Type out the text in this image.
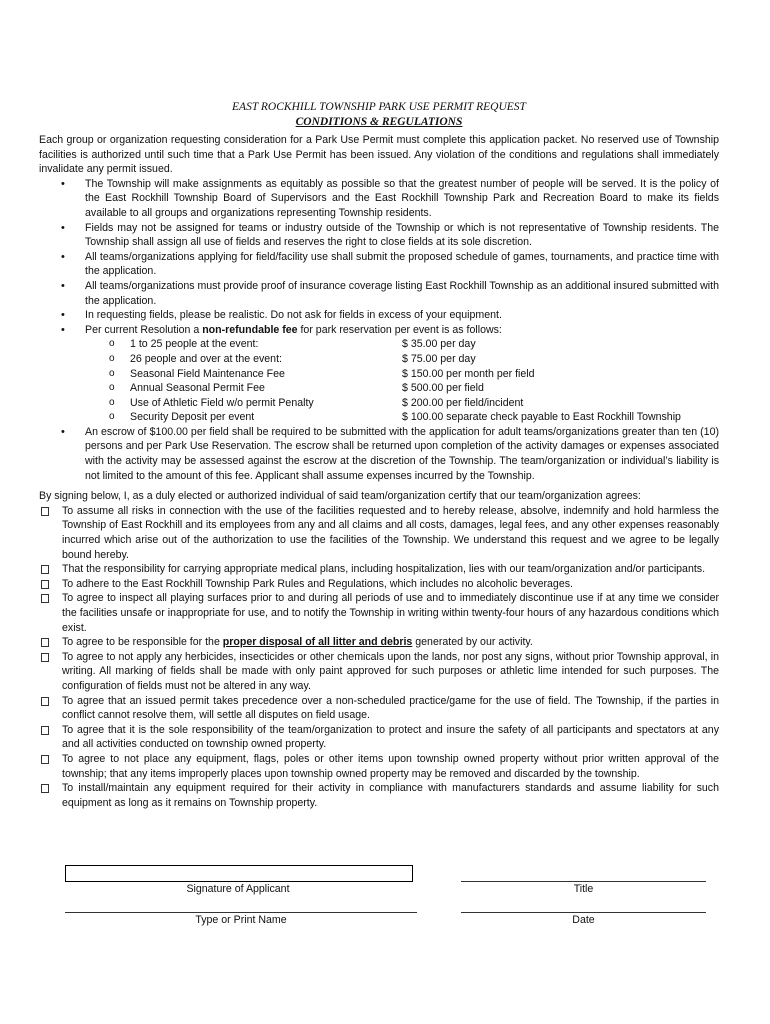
EAST ROCKHILL TOWNSHIP PARK USE PERMIT REQUEST
CONDITIONS & REGULATIONS

Each group or organization requesting consideration for a Park Use Permit must complete this application packet. No reserved use of Township facilities is authorized until such time that a Park Use Permit has been issued. Any violation of the conditions and regulations shall immediately invalidate any permit issued.

• The Township will make assignments as equitably as possible so that the greatest number of people will be served. It is the policy of the East Rockhill Township Board of Supervisors and the East Rockhill Township Park and Recreation Board to make its fields available to all groups and organizations representing Township residents.
• Fields may not be assigned for teams or industry outside of the Township or which is not representative of Township residents. The Township shall assign all use of fields and reserves the right to close fields at its sole discretion.
• All teams/organizations applying for field/facility use shall submit the proposed schedule of games, tournaments, and practice time with the application.
• All teams/organizations must provide proof of insurance coverage listing East Rockhill Township as an additional insured submitted with the application.
• In requesting fields, please be realistic. Do not ask for fields in excess of your equipment.
• Per current Resolution a non-refundable fee for park reservation per event is as follows:
o 1 to 25 people at the event:	$ 35.00 per day
o 26 people and over at the event:	$ 75.00 per day
o Seasonal Field Maintenance Fee	$ 150.00 per month per field
o Annual Seasonal Permit Fee	$ 500.00 per field
o Use of Athletic Field w/o permit Penalty	$ 200.00 per field/incident
o Security Deposit per event	$ 100.00 separate check payable to East Rockhill Township
• An escrow of $100.00 per field shall be required to be submitted with the application for adult teams/organizations greater than ten (10) persons and per Park Use Reservation. The escrow shall be returned upon completion of the activity damages or expenses associated with the activity may be assessed against the escrow at the discretion of the Township. The team/organization or individual’s liability is not limited to the amount of this fee. Applicant shall assume expenses incurred by the Township.

By signing below, I, as a duly elected or authorized individual of said team/organization certify that our team/organization agrees:

To assume all risks in connection with the use of the facilities requested and to hereby release, absolve, indemnify and hold harmless the Township of East Rockhill and its employees from any and all claims and all costs, damages, legal fees, and any other expenses reasonably incurred which arise out of the authorization to use the facilities of the Township. We understand this request and we agree to be legally bound hereby.
That the responsibility for carrying appropriate medical plans, including hospitalization, lies with our team/organization and/or participants.
To adhere to the East Rockhill Township Park Rules and Regulations, which includes no alcoholic beverages.
To agree to inspect all playing surfaces prior to and during all periods of use and to immediately discontinue use if at any time we consider the facilities unsafe or inappropriate for use, and to notify the Township in writing within twenty-four hours of any hazardous conditions which exist.
To agree to be responsible for the proper disposal of all litter and debris generated by our activity.
To agree to not apply any herbicides, insecticides or other chemicals upon the lands, nor post any signs, without prior Township approval, in writing. All marking of fields shall be made with only paint approved for such purposes or athletic lime intended for such purposes. The configuration of fields must not be altered in any way.
To agree that an issued permit takes precedence over a non-scheduled practice/game for the use of field. The Township, if the parties in conflict cannot resolve them, will settle all disputes on field usage.
To agree that it is the sole responsibility of the team/organization to protect and insure the safety of all participants and spectators at any and all activities conducted on township owned property.
To agree to not place any equipment, flags, poles or other items upon township owned property without prior written approval of the township; that any items improperly places upon township owned property may be removed and discarded by the township.
To install/maintain any equipment required for their activity in compliance with manufacturers standards and assume liability for such equipment as long as it remains on Township property.
Signature of Applicant	Title
Type or Print Name	Date
